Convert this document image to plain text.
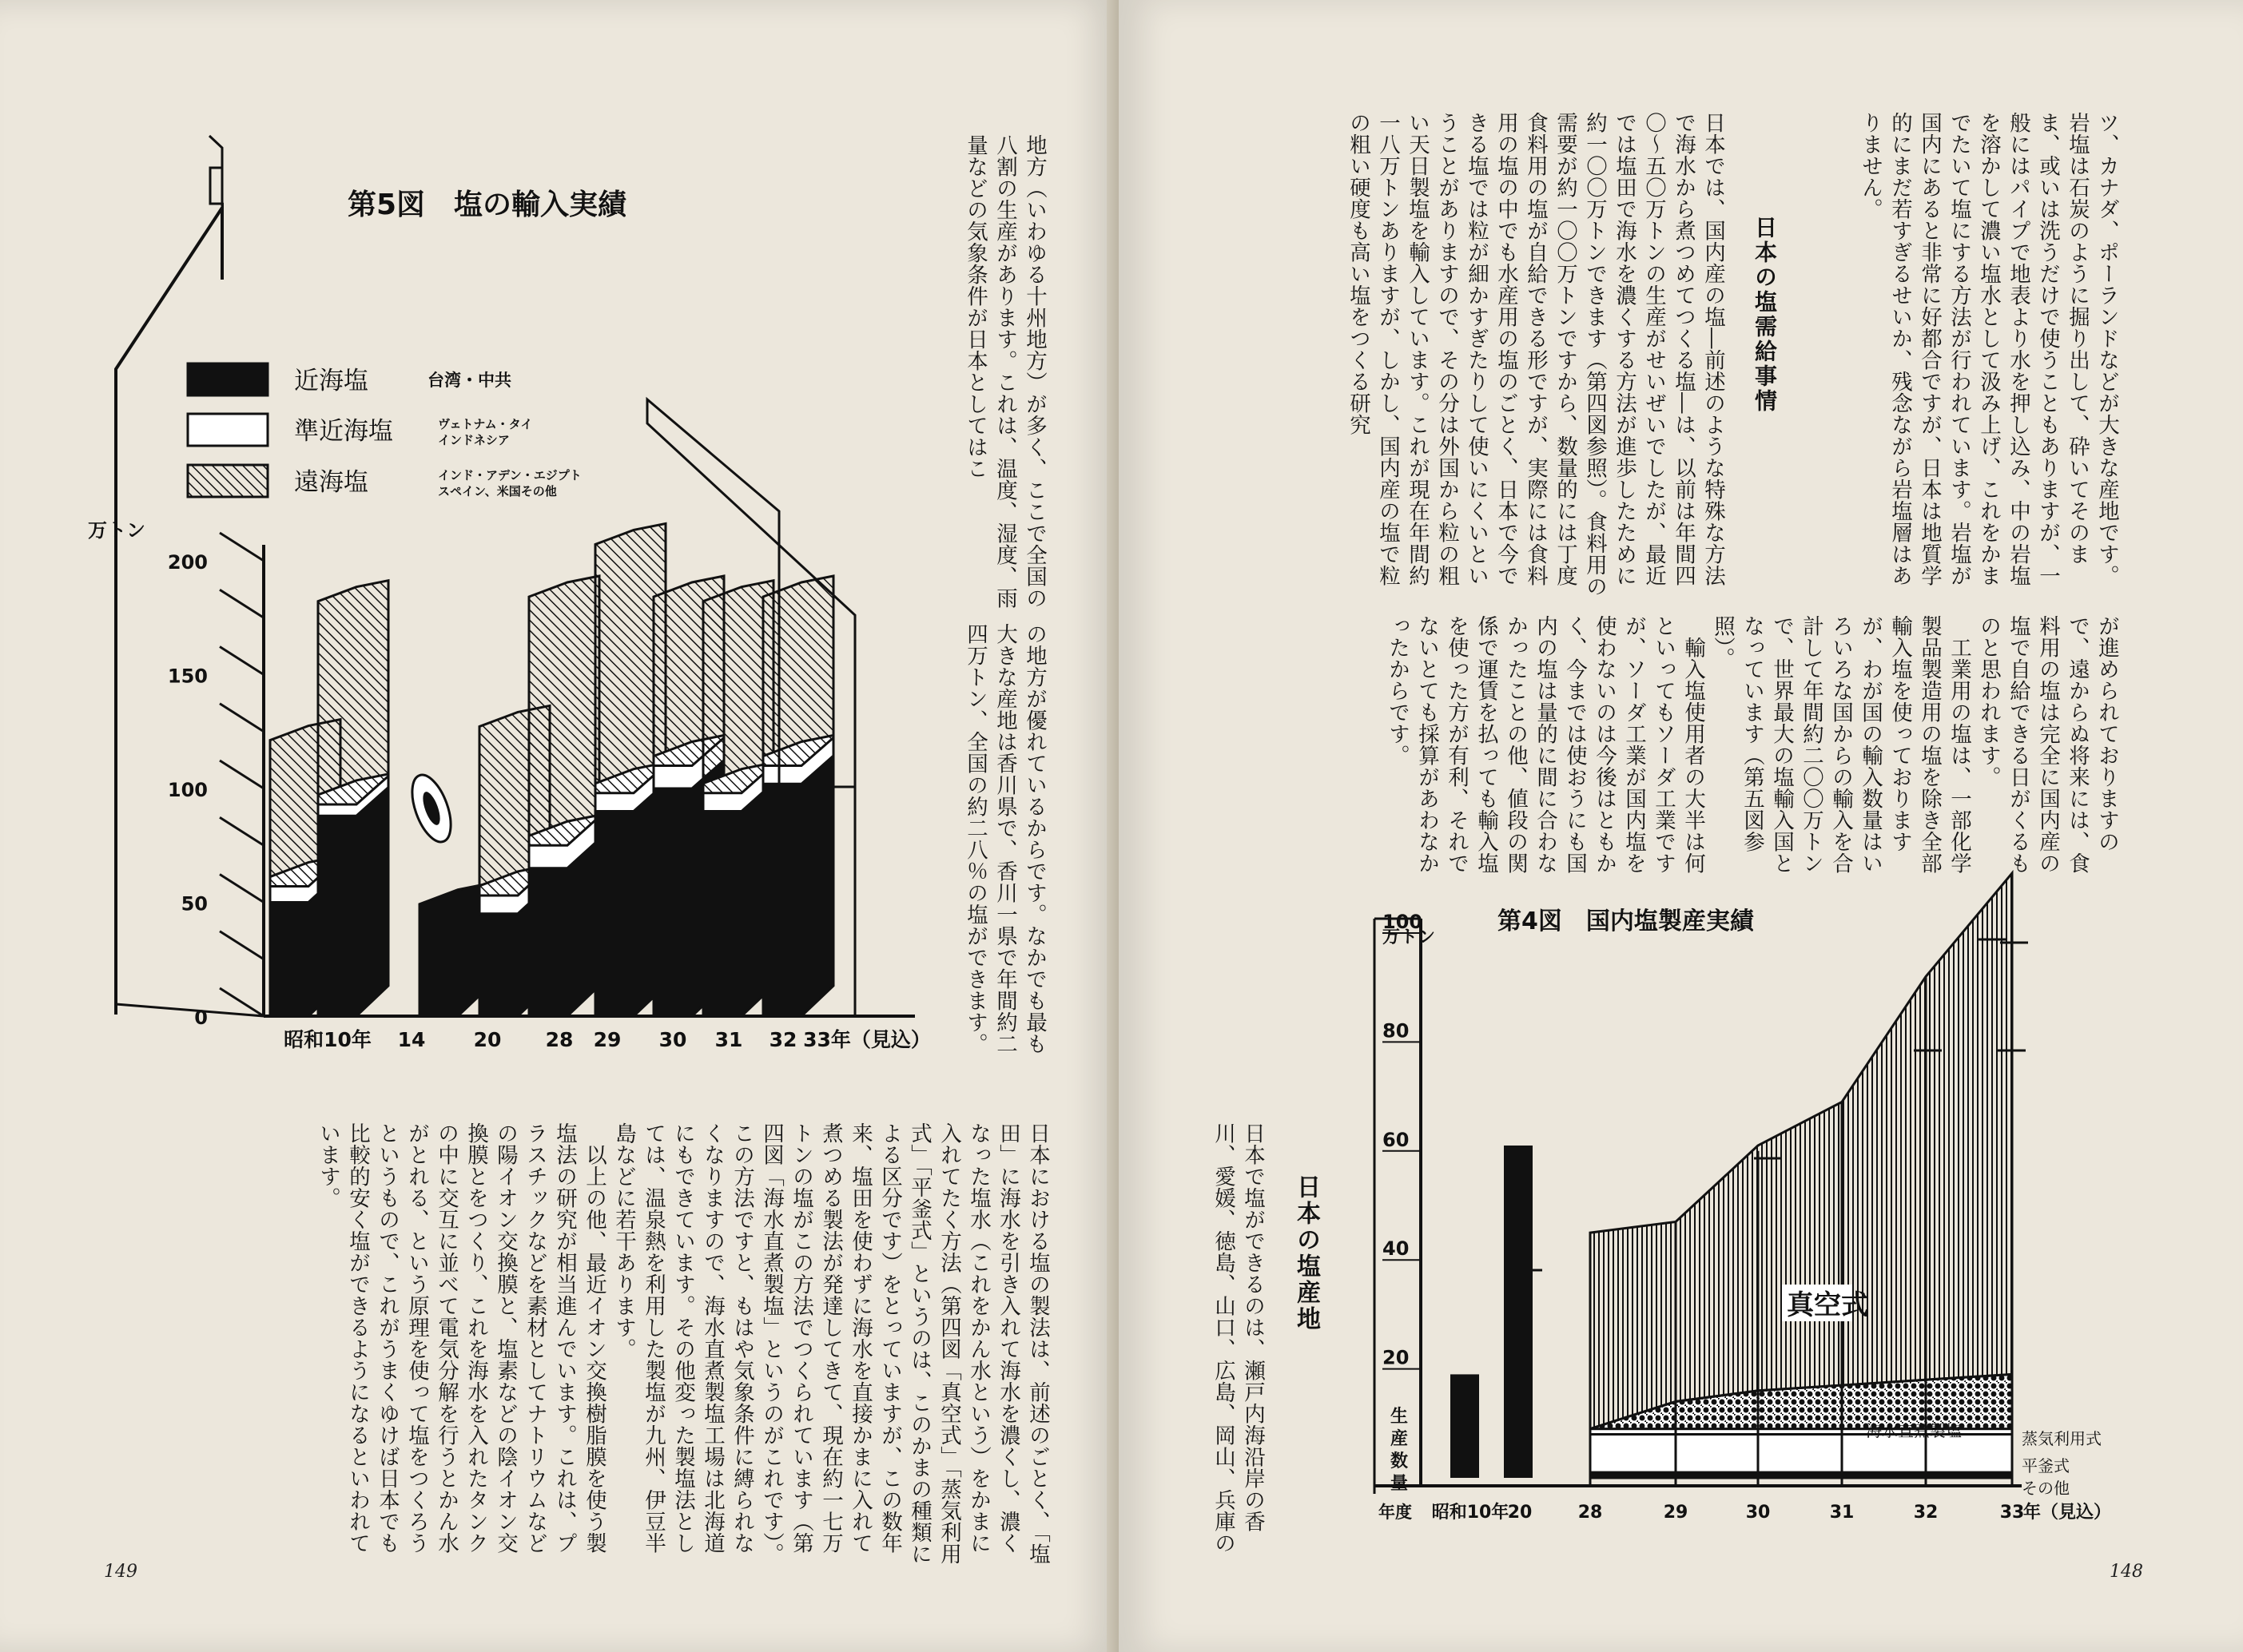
第5図　塩の輸入実績
0
50
100
150
200
万トン
近海塩	台湾・中共
準近海塩	ヴェトナム・タイ
インドネシア
遠海塩	インド・アデン・エジプト
スペイン、米国その他
昭和10年 14 20 28 29 30 31 32 33年（見込）
地方（いわゆる十州地方）が多く、ここで全国の八割の生産があります。これは、温度、湿度、雨量などの気象条件が日本としてはこ
の地方が優れているからです。なかでも最も大きな産地は香川県で、香川一県で年間約二四万トン、全国の約二八％の塩ができます。
日本における塩の製法は、前述のごとく、「塩田」に海水を引き入れて海水を濃くし、濃くなった塩水（これをかん水という）をかまに入れてたく方法（第四図「真空式」「蒸気利用式」「平釜式」というのは、このかまの種類による区分です）をとっていますが、この数年来、塩田を使わずに海水を直接かまに入れて煮つめる製法が発達してきて、現在約一七万トンの塩がこの方法でつくられています（第四図「海水直煮製塩」というのがこれです）。この方法ですと、もはや気象条件に縛られなくなりますので、海水直煮製塩工場は北海道にもできています。その他変った製塩法としては、温泉熱を利用した製塩が九州、伊豆半島などに若干あります。
　以上の他、最近イオン交換樹脂膜を使う製塩法の研究が相当進んでいます。これは、プラスチックなどを素材としてナトリウムなどの陽イオン交換膜と、塩素などの陰イオン交換膜とをつくり、これを海水を入れたタンクの中に交互に並べて電気分解を行うとかん水がとれる、という原理を使って塩をつくろうというもので、これがうまくゆけば日本でも比較的安く塩ができるようになるといわれています。
149
ツ、カナダ、ポーランドなどが大きな産地です。岩塩は石炭のように掘り出して、砕いてそのまま、或いは洗うだけで使うこともありますが、一般にはパイプで地表より水を押し込み、中の岩塩を溶かして濃い塩水として汲み上げ、これをかまでたいて塩にする方法が行われています。岩塩が国内にあると非常に好都合ですが、日本は地質学的にまだ若すぎるせいか、残念ながら岩塩層はありません。
日本の塩需給事情
日本では、国内産の塩―前述のような特殊な方法で海水から煮つめてつくる塩―は、以前は年間四〇～五〇万トンの生産がせいぜいでしたが、最近では塩田で海水を濃くする方法が進歩したために約一〇〇万トンできます（第四図参照）。食料用の需要が約一〇〇万トンですから、数量的には丁度食料用の塩が自給できる形ですが、実際には食料用の塩の中でも水産用の塩のごとく、日本で今できる塩では粒が細かすぎたりして使いにくいということがありますので、その分は外国から粒の粗い天日製塩を輸入しています。これが現在年間約一八万トンありますが、しかし、国内産の塩で粒の粗い硬度も高い塩をつくる研究
が進められておりますので、遠からぬ将来には、食料用の塩は完全に国内産の塩で自給できる日がくるものと思われます。
　工業用の塩は、一部化学製品製造用の塩を除き全部輸入塩を使っておりますが、わが国の輸入数量はいろいろな国からの輸入を合計して年間約二〇〇万トンで、世界最大の塩輸入国となっています（第五図参照）。
　輸入塩使用者の大半は何といってもソーダ工業ですが、ソーダ工業が国内塩を使わないのは今後はともかく、今までは使おうにも国内の塩は量的に間に合わなかったことの他、値段の関係で運賃を払っても輸入塩を使った方が有利、それでないとても採算があわなかったからです。
日本の塩産地
日本で塩ができるのは、瀬戸内海沿岸の香川、愛媛、徳島、山口、広島、岡山、兵庫の
第4図　国内塩製産実績
万トン
20
40
60
80
100
生
産
数
量
真空式
海水直煮製塩	蒸気利用式
平釜式
その他
年度 昭和10年
20	28	29	30	31	32	33
年（見込）
148
